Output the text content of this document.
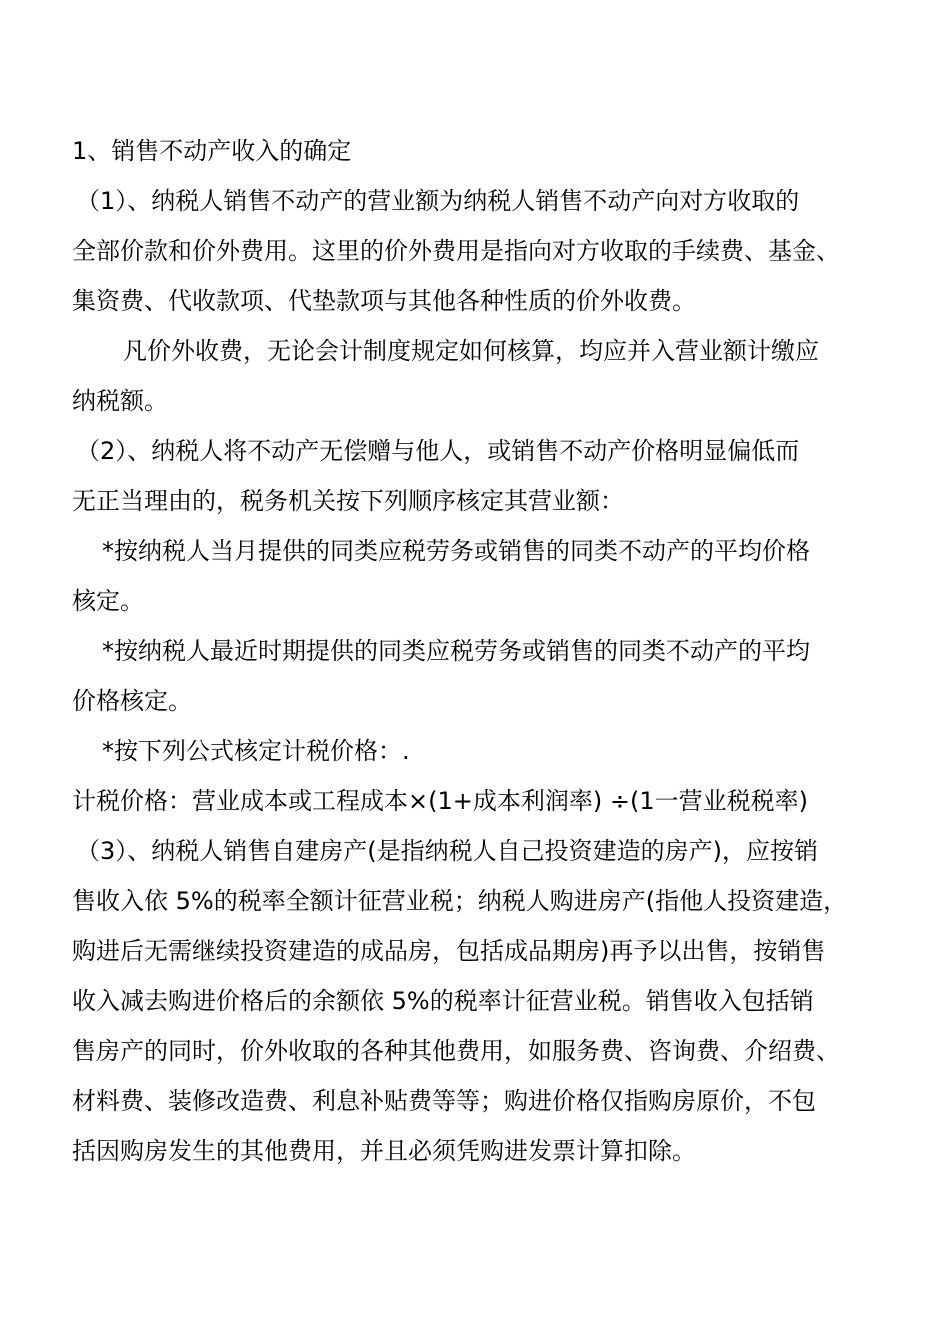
1、销售不动产收入的确定
（1）、纳税人销售不动产的营业额为纳税人销售不动产向对方收取的
全部价款和价外费用。这里的价外费用是指向对方收取的手续费、基金、
集资费、代收款项、代垫款项与其他各种性质的价外收费。
凡价外收费，无论会计制度规定如何核算，均应并入营业额计缴应
纳税额。
（2）、纳税人将不动产无偿赠与他人，或销售不动产价格明显偏低而
无正当理由的，税务机关按下列顺序核定其营业额：
*按纳税人当月提供的同类应税劳务或销售的同类不动产的平均价格
核定。
*按纳税人最近时期提供的同类应税劳务或销售的同类不动产的平均
价格核定。
*按下列公式核定计税价格：.
计税价格：营业成本或工程成本×(1+成本利润率) ÷(1一营业税税率)
（3）、纳税人销售自建房产(是指纳税人自己投资建造的房产)，应按销
售收入依 5%的税率全额计征营业税；纳税人购进房产(指他人投资建造，
购进后无需继续投资建造的成品房，包括成品期房)再予以出售，按销售
收入减去购进价格后的余额依 5%的税率计征营业税。销售收入包括销
售房产的同时，价外收取的各种其他费用，如服务费、咨询费、介绍费、
材料费、装修改造费、利息补贴费等等；购进价格仅指购房原价，不包
括因购房发生的其他费用，并且必须凭购进发票计算扣除。
